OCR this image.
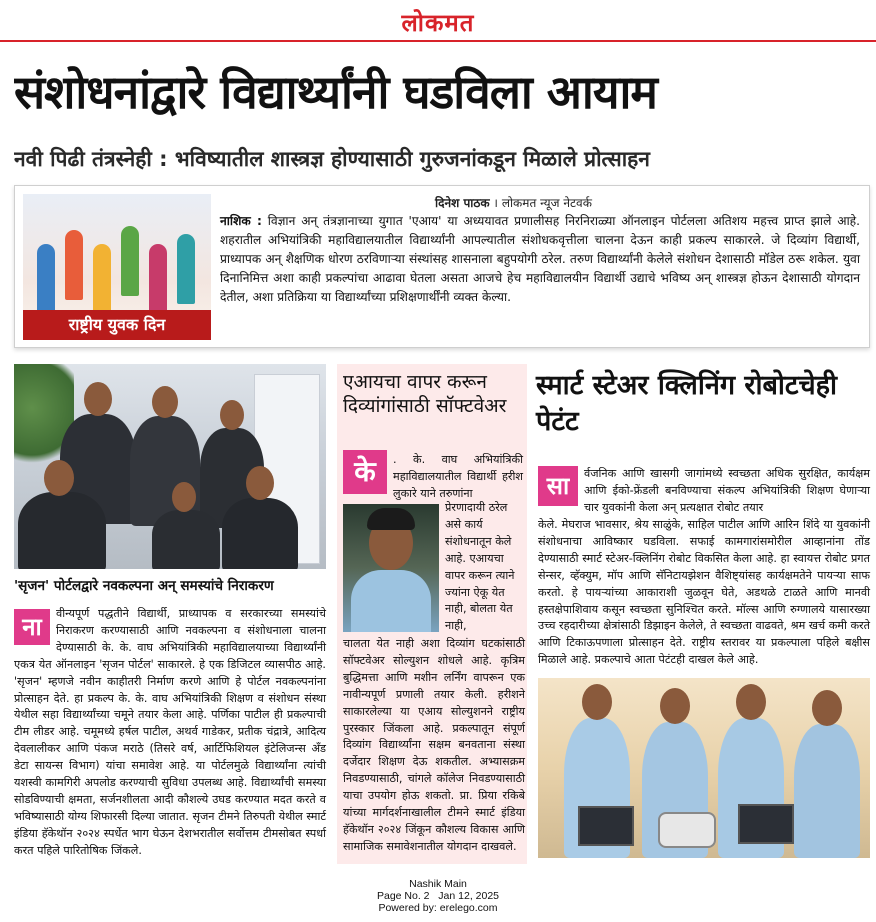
लोकमत
संशोधनांद्वारे विद्यार्थ्यांनी घडविला आयाम
नवी पिढी तंत्रस्नेही : भविष्यातील शास्त्रज्ञ होण्यासाठी गुरुजनांकडून मिळाले प्रोत्साहन
राष्ट्रीय युवक दिन
दिनेश पाठक । लोकमत न्यूज नेटवर्क
नाशिक : विज्ञान अन् तंत्रज्ञानाच्या युगात 'एआय' या अध्ययावत प्रणालीसह निरनिराळ्या ऑनलाइन पोर्टलला अतिशय महत्त्व प्राप्त झाले आहे. शहरातील अभियांत्रिकी महाविद्यालयातील विद्यार्थ्यांनी आपल्यातील संशोधकवृत्तीला चालना देऊन काही प्रकल्प साकारले. जे दिव्यांग विद्यार्थी, प्राध्यापक अन् शैक्षणिक धोरण ठरविणाऱ्या संस्थांसह शासनाला बहुपयोगी ठरेल. तरुण विद्यार्थ्यांनी केलेले संशोधन देशासाठी मॉडेल ठरू शकेल. युवा दिनानिमित्त अशा काही प्रकल्पांचा आढावा घेतला असता आजचे हेच महाविद्यालयीन विद्यार्थी उद्याचे भविष्य अन् शास्त्रज्ञ होऊन देशासाठी योगदान देतील, अशा प्रतिक्रिया या विद्यार्थ्यांच्या प्रशिक्षणार्थींनी व्यक्त केल्या.
'सृजन' पोर्टलद्वारे नवकल्पना अन् समस्यांचे निराकरण
ना	वीन्यपूर्ण पद्धतीने विद्यार्थी, प्राध्यापक व सरकारच्या समस्यांचे निराकरण करण्यासाठी आणि नवकल्पना व संशोधनाला चालना देण्यासाठी के. के. वाघ अभियांत्रिकी महाविद्यालयाच्या विद्यार्थ्यांनी एकत्र येत ऑनलाइन 'सृजन पोर्टल' साकारले. हे एक डिजिटल व्यासपीठ आहे. 'सृजन' म्हणजे नवीन काहीतरी निर्माण करणे आणि हे पोर्टल नवकल्पनांना प्रोत्साहन देते. हा प्रकल्प के. के. वाघ अभियांत्रिकी शिक्षण व संशोधन संस्था येथील सहा विद्यार्थ्यांच्या चमूने तयार केला आहे. पर्णिका पाटील ही प्रकल्पाची टीम लीडर आहे. चमूमध्ये हर्षल पाटील, अथर्व गाडेकर, प्रतीक चंद्रात्रे, आदित्य देवलालीकर आणि पंकज मराठे (तिसरे वर्ष, आर्टिफिशियल इंटेलिजन्स अँड डेटा सायन्स विभाग) यांचा समावेश आहे. या पोर्टलमुळे विद्यार्थ्यांना त्यांची यशस्वी कामगिरी अपलोड करण्याची सुविधा उपलब्ध आहे. विद्यार्थ्यांची समस्या सोडविण्याची क्षमता, सर्जनशीलता आदी कौशल्ये उघड करण्यात मदत करते व भविष्यासाठी योग्य शिफारसी दिल्या जातात. सृजन टीमने तिरुपती येथील स्मार्ट इंडिया हॅकेथॉन २०२४ स्पर्धेत भाग घेऊन देशभरातील सर्वोत्तम टीमसोबत स्पर्धा करत पहिले पारितोषिक जिंकले.
एआयचा वापर करून दिव्यांगांसाठी सॉफ्टवेअर
के	. के. वाघ अभियांत्रिकी महाविद्यालयातील विद्यार्थी हरीश लुकारे याने तरुणांना
प्रेरणादायी ठरेल असे कार्य संशोधनातून केले आहे. एआयचा वापर करून त्याने ज्यांना ऐकू येत नाही, बोलता येत नाही,
चालता येत नाही अशा दिव्यांग घटकांसाठी सॉफ्टवेअर सोल्युशन शोधले आहे. कृत्रिम बुद्धिमत्ता आणि मशीन लर्निंग वापरून एक नावीन्यपूर्ण प्रणाली तयार केली. हरीशने साकारलेल्या या एआय सोल्युशनने राष्ट्रीय पुरस्कार जिंकला आहे. प्रकल्पातून संपूर्ण दिव्यांग विद्यार्थ्यांना सक्षम बनवताना संस्था दर्जेदार शिक्षण देऊ शकतील. अभ्यासक्रम निवडण्यासाठी, चांगले कॉलेज निवडण्यासाठी याचा उपयोग होऊ शकतो. प्रा. प्रिया रकिबे यांच्या मार्गदर्शनाखालील टीमने स्मार्ट इंडिया हॅकेथॉन २०२४ जिंकून कौशल्य विकास आणि सामाजिक समावेशनातील योगदान दाखवले.
स्मार्ट स्टेअर क्लिनिंग रोबोटचेही पेटंट
सा	र्वजनिक आणि खासगी जागांमध्ये स्वच्छता अधिक सुरक्षित, कार्यक्षम आणि ईको-फ्रेंडली बनविण्याचा संकल्प अभियांत्रिकी शिक्षण घेणाऱ्या चार युवकांनी केला अन् प्रत्यक्षात रोबोट तयार
केले. मेघराज भावसार, श्रेय साळुंके, साहिल पाटील आणि आरिन शिंदे या युवकांनी संशोधनाचा आविष्कार घडविला. सफाई कामगारांसमोरील आव्हानांना तोंड देण्यासाठी स्मार्ट स्टेअर-क्लिनिंग रोबोट विकसित केला आहे. हा स्वायत्त रोबोट प्रगत सेन्सर, व्हॅक्युम, मॉप आणि सॅनिटायझेशन वैशिष्ट्यांसह कार्यक्षमतेने पायऱ्या साफ करतो. हे पायऱ्यांच्या आकाराशी जुळवून घेते, अडथळे टाळते आणि मानवी हस्तक्षेपाशिवाय कसून स्वच्छता सुनिश्चित करते. मॉल्स आणि रुग्णालये यासारख्या उच्च रहदारीच्या क्षेत्रांसाठी डिझाइन केलेले, ते स्वच्छता वाढवते, श्रम खर्च कमी करते आणि टिकाऊपणाला प्रोत्साहन देते. राष्ट्रीय स्तरावर या प्रकल्पाला पहिले बक्षीस मिळाले आहे. प्रकल्पाचे आता पेटंटही दाखल केले आहे.
Nashik Main
Page No. 2 Jan 12, 2025
Powered by: erelego.com
